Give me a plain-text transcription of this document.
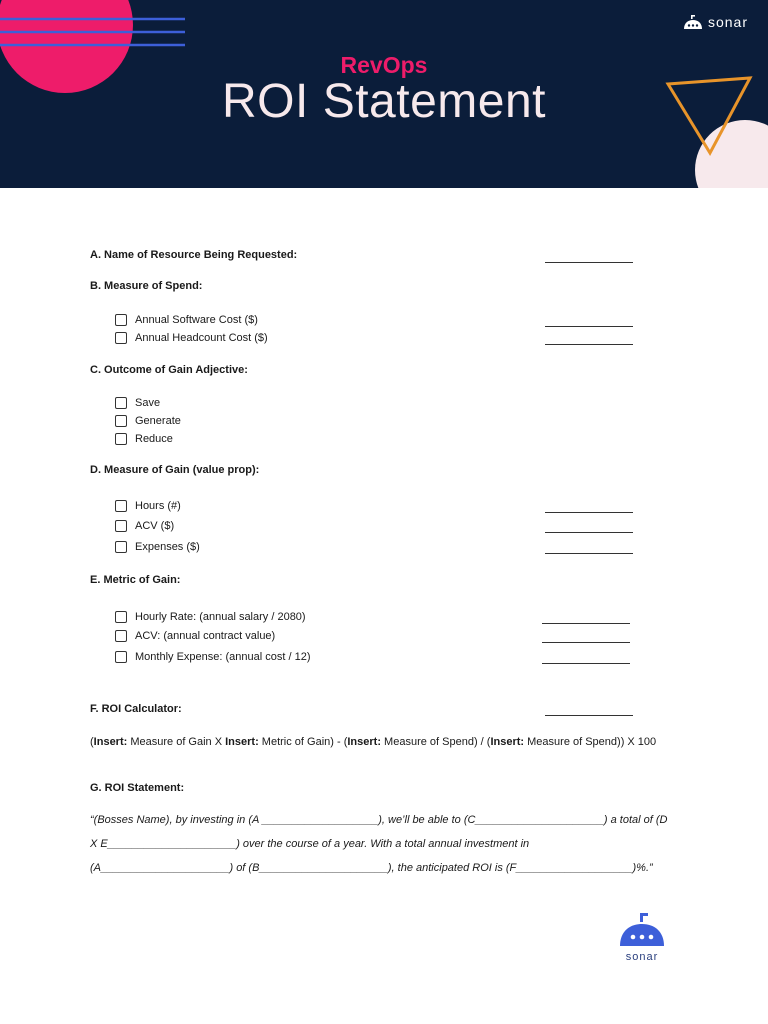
sonar
RevOps
ROI Statement
A. Name of Resource Being Requested:
B. Measure of Spend:
Annual Software Cost ($)
Annual Headcount Cost ($)
C. Outcome of Gain Adjective:
Save
Generate
Reduce
D. Measure of Gain (value prop):
Hours (#)
ACV ($)
Expenses ($)
E. Metric of Gain:
Hourly Rate: (annual salary / 2080)
ACV: (annual contract value)
Monthly Expense: (annual cost / 12)
F. ROI Calculator:
(Insert: Measure of Gain X Insert: Metric of Gain) - (Insert: Measure of Spend) / (Insert: Measure of Spend)) X 100
G. ROI Statement:
“(Bosses Name), by investing in (A ___________________), we’ll be able to (C_____________________) a total of (D
X E_____________________) over the course of a year. With a total annual investment in
(A_____________________) of (B_____________________), the anticipated ROI is (F___________________)%.”
sonar
